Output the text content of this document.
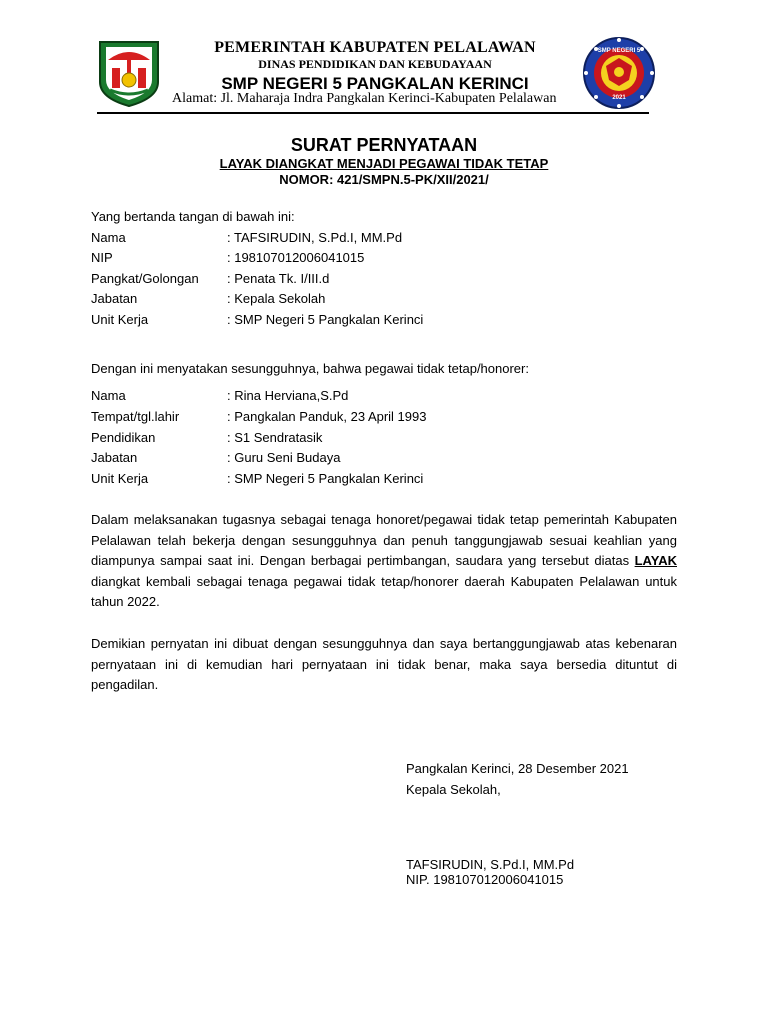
PEMERINTAH KABUPATEN PELALAWAN
DINAS PENDIDIKAN DAN KEBUDAYAAN
SMP NEGERI 5 PANGKALAN KERINCI
Alamat: Jl. Maharaja Indra Pangkalan Kerinci-Kabupaten Pelalawan
SMP NEGERI 5
2021
SURAT PERNYATAAN
LAYAK DIANGKAT MENJADI PEGAWAI TIDAK TETAP
NOMOR: 421/SMPN.5-PK/XII/2021/
Yang bertanda tangan di bawah ini:
Nama	: TAFSIRUDIN, S.Pd.I, MM.Pd
NIP	: 198107012006041015
Pangkat/Golongan : Penata Tk. I/III.d
Jabatan	: Kepala Sekolah
Unit Kerja	: SMP Negeri 5 Pangkalan Kerinci
Dengan ini menyatakan sesungguhnya, bahwa pegawai tidak tetap/honorer:
Nama	: Rina Herviana,S.Pd
Tempat/tgl.lahir	: Pangkalan Panduk, 23 April 1993
Pendidikan	: S1 Sendratasik
Jabatan	: Guru Seni Budaya
Unit Kerja	: SMP Negeri 5 Pangkalan Kerinci
Dalam melaksanakan tugasnya sebagai tenaga honoret/pegawai tidak tetap pemerintah Kabupaten Pelalawan telah bekerja dengan sesungguhnya dan penuh tanggungjawab sesuai keahlian yang diampunya sampai saat ini. Dengan berbagai pertimbangan, saudara yang tersebut diatas LAYAK diangkat kembali sebagai tenaga pegawai tidak tetap/honorer daerah Kabupaten Pelalawan untuk tahun 2022.
Demikian pernyatan ini dibuat dengan sesungguhnya dan saya bertanggungjawab atas kebenaran pernyataan ini di kemudian hari pernyataan ini tidak benar, maka saya bersedia dituntut di pengadilan.
Pangkalan Kerinci, 28 Desember 2021
Kepala Sekolah,
TAFSIRUDIN, S.Pd.I, MM.Pd
NIP. 198107012006041015
